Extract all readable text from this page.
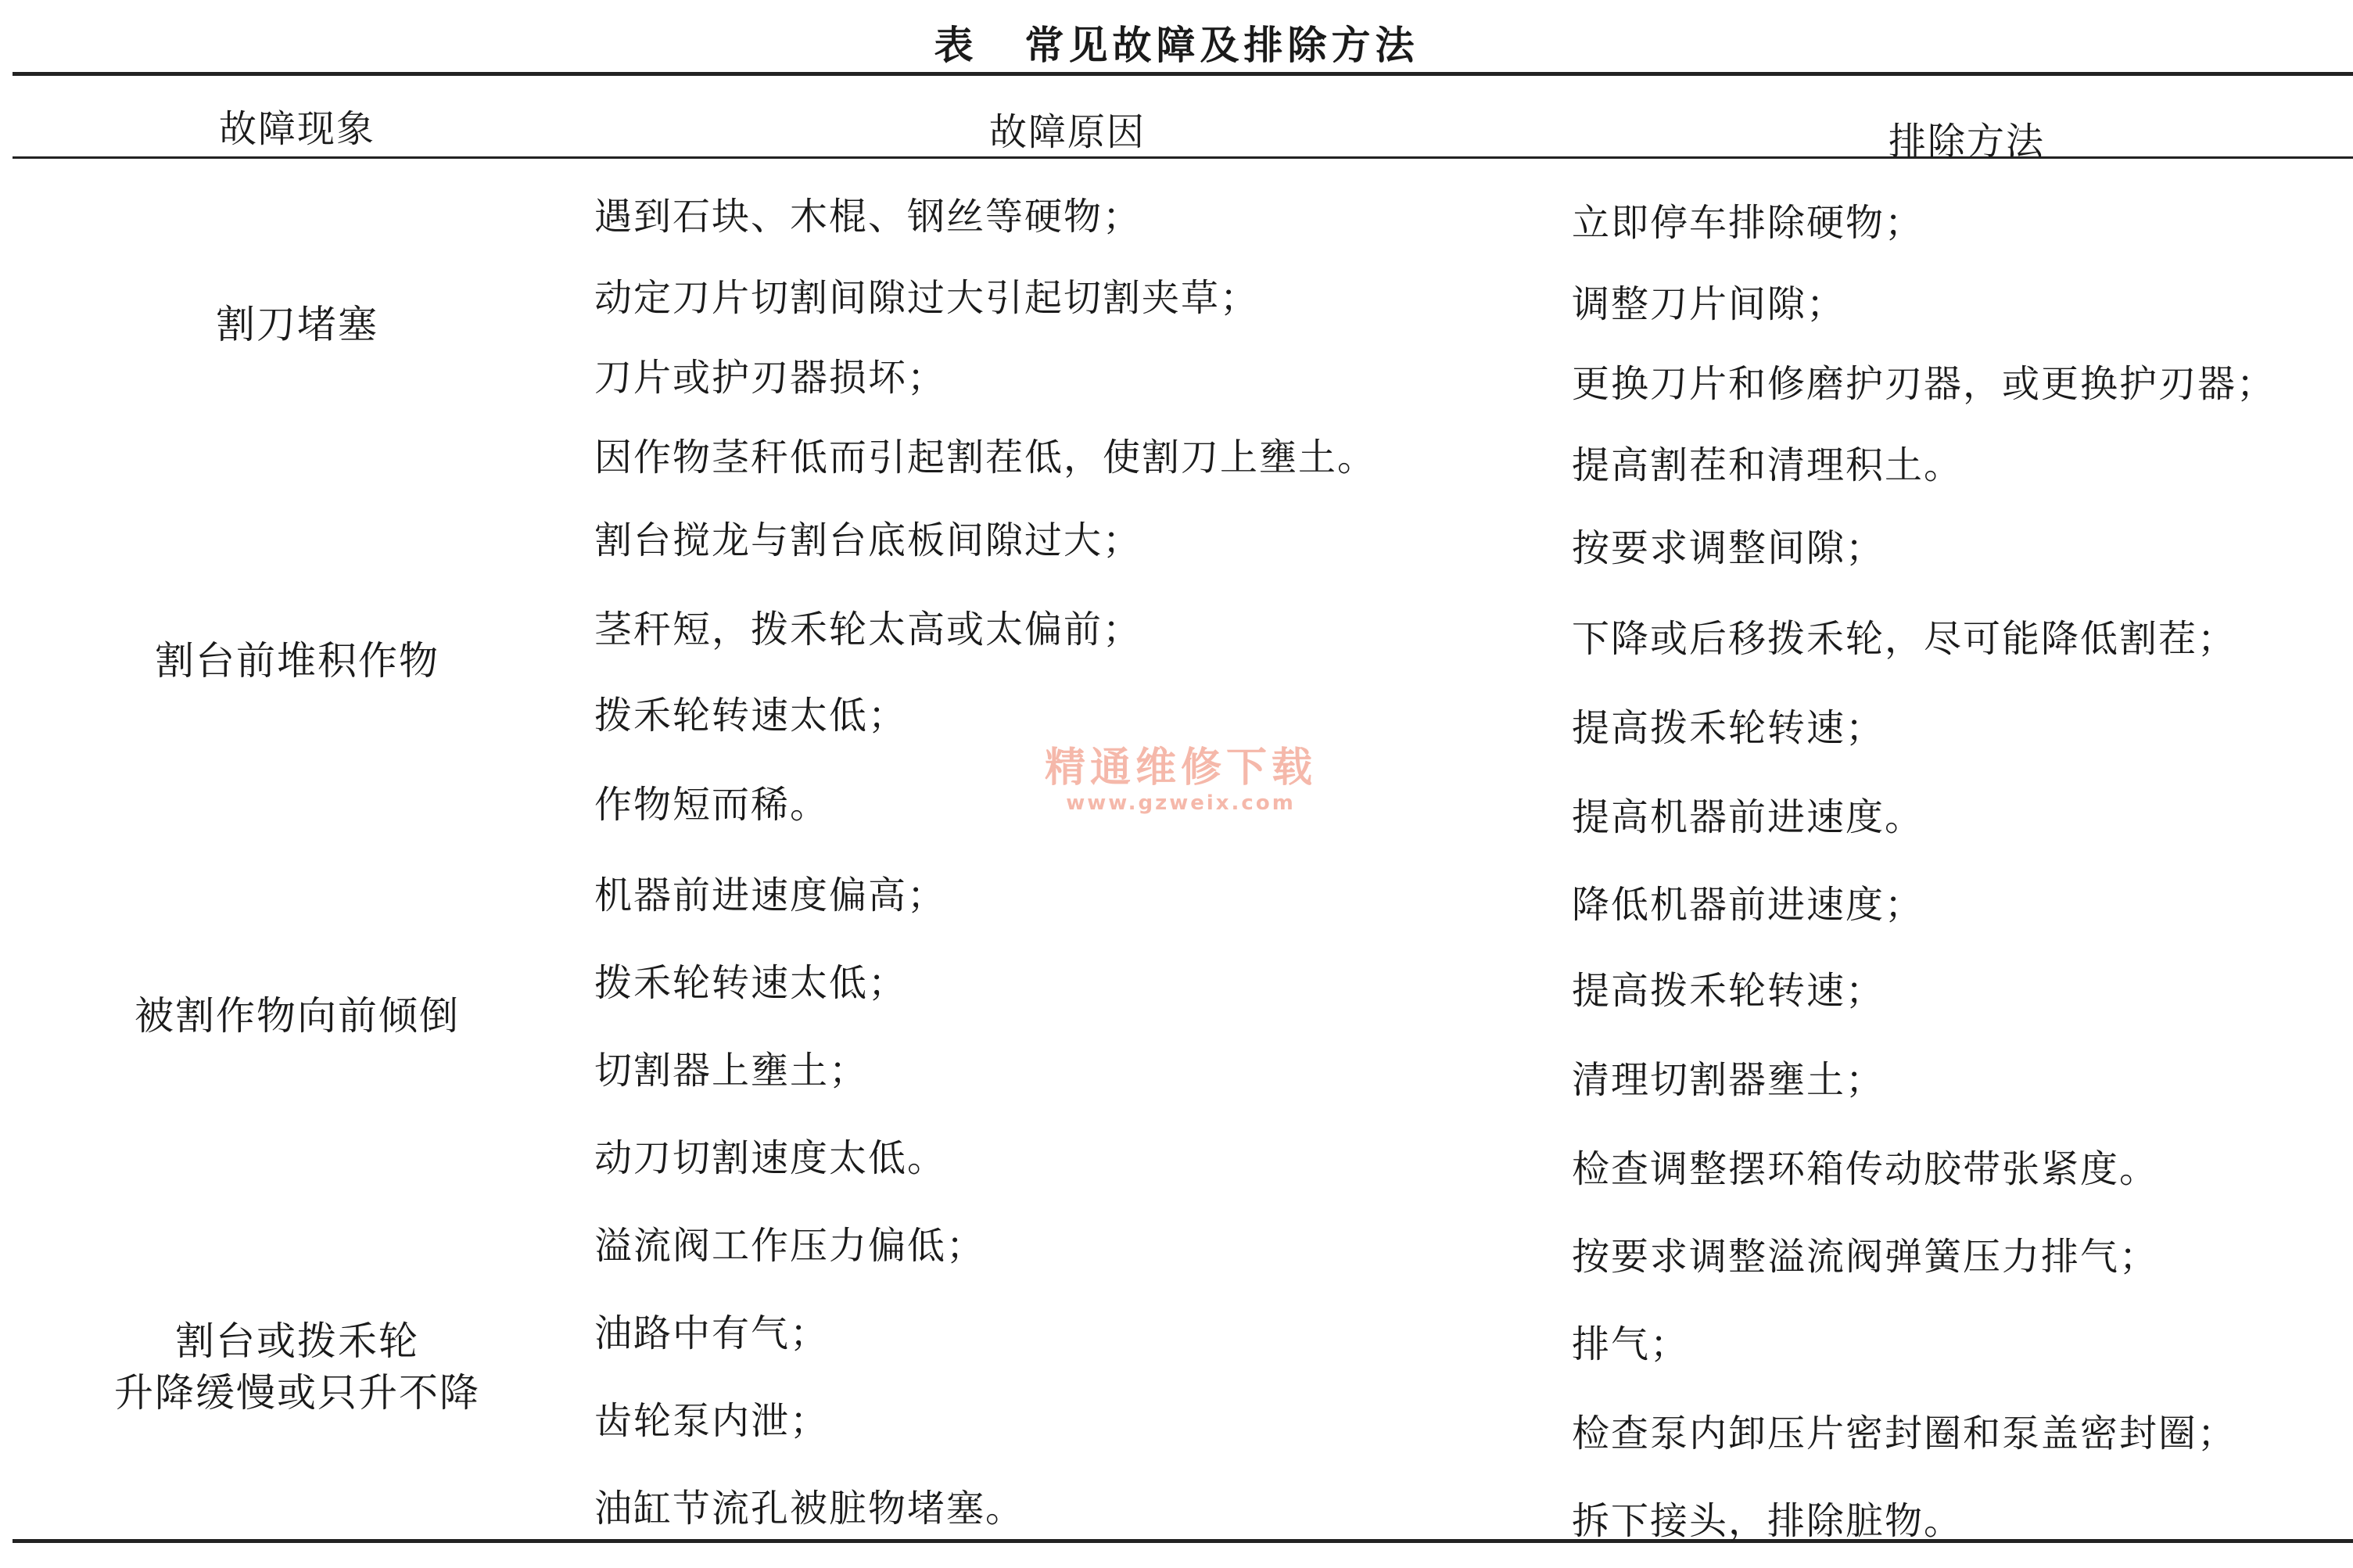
表 常见故障及排除方法
故障现象	故障原因	排除方法
割刀堵塞
遇到石块、木棍、钢丝等硬物；
动定刀片切割间隙过大引起切割夹草；
刀片或护刃器损坏；
因作物茎秆低而引起割茬低，使割刀上壅土。
立即停车排除硬物；
调整刀片间隙；
更换刀片和修磨护刃器，或更换护刃器；
提高割茬和清理积土。
割台前堆积作物
割台搅龙与割台底板间隙过大；
茎秆短，拨禾轮太高或太偏前；
拨禾轮转速太低；
作物短而稀。
按要求调整间隙；
下降或后移拨禾轮，尽可能降低割茬；
提高拨禾轮转速；
提高机器前进速度。
被割作物向前倾倒
机器前进速度偏高；
拨禾轮转速太低；
切割器上壅土；
动刀切割速度太低。
降低机器前进速度；
提高拨禾轮转速；
清理切割器壅土；
检查调整摆环箱传动胶带张紧度。
割台或拨禾轮
升降缓慢或只升不降
溢流阀工作压力偏低；
油路中有气；
齿轮泵内泄；
油缸节流孔被脏物堵塞。
按要求调整溢流阀弹簧压力排气；
排气；
检查泵内卸压片密封圈和泵盖密封圈；
拆下接头，排除脏物。
精通维修下载
www.gzweix.com
